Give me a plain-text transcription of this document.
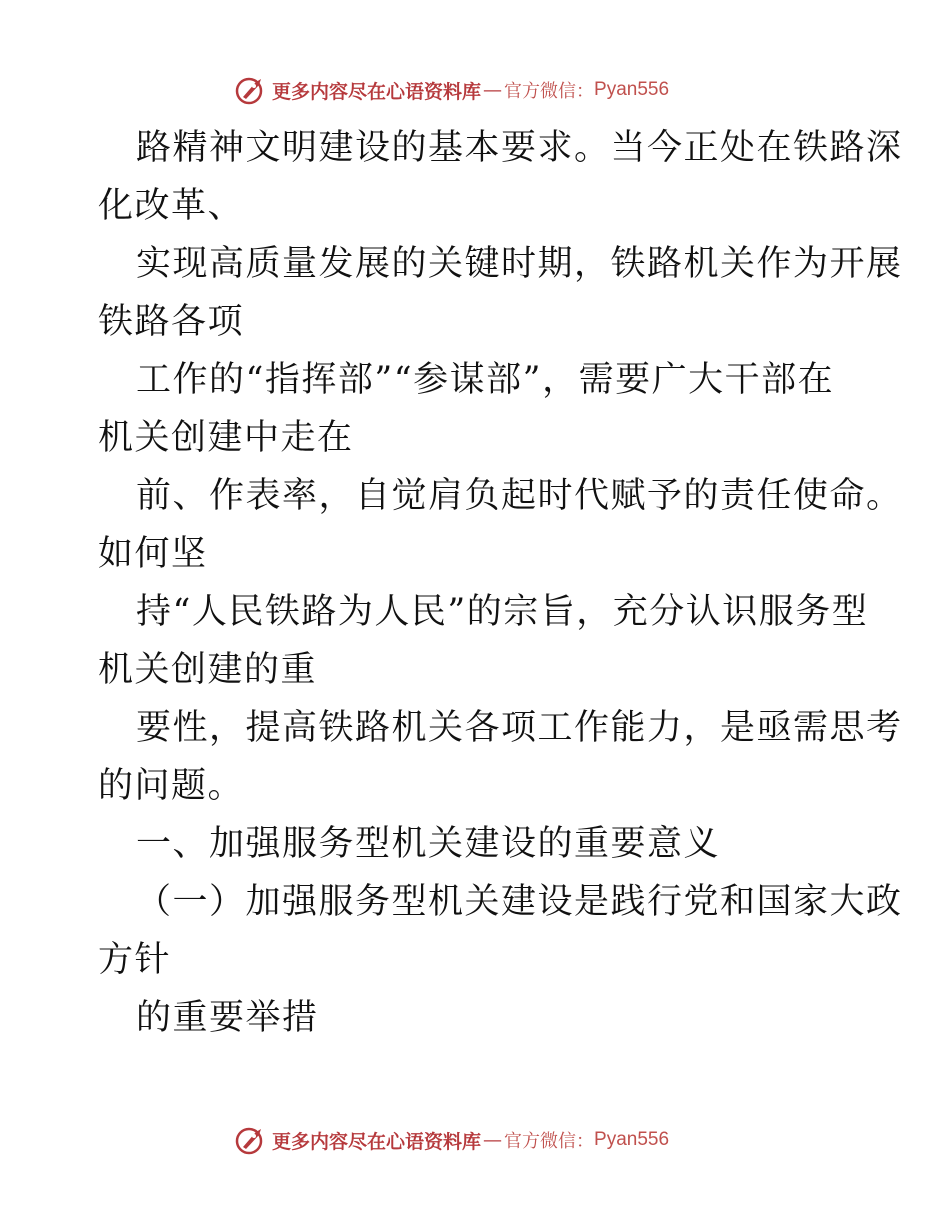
更多内容尽在心语资料库 — 官方微信： Pyan556
路精神文明建设的基本要求。当今正处在铁路深
化改革、
实现高质量发展的关键时期，铁路机关作为开展
铁路各项
工作的“指挥部”“参谋部”，需要广大干部在
机关创建中走在
前、作表率，自觉肩负起时代赋予的责任使命。
如何坚
持“人民铁路为人民”的宗旨，充分认识服务型
机关创建的重
要性，提高铁路机关各项工作能力，是亟需思考
的问题。
一、加强服务型机关建设的重要意义
（一）加强服务型机关建设是践行党和国家大政
方针
的重要举措
更多内容尽在心语资料库 — 官方微信： Pyan556
